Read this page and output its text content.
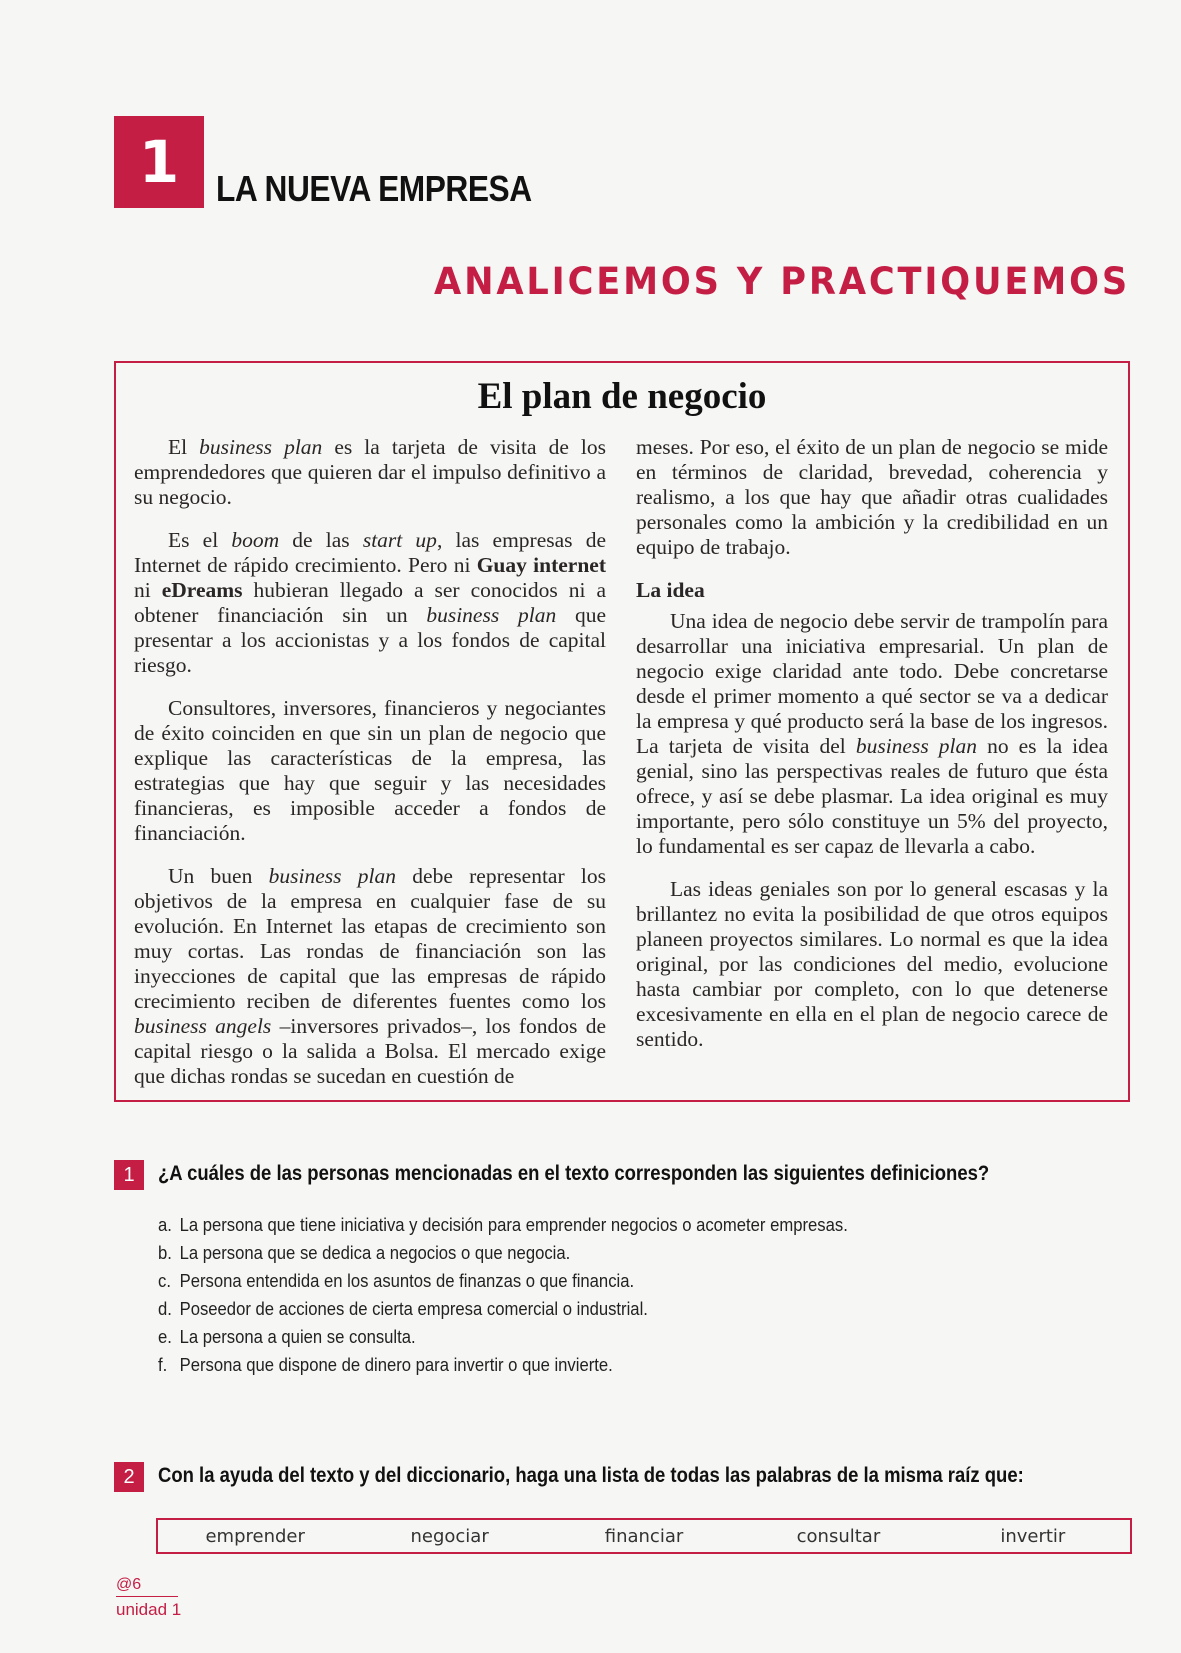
1	LA NUEVA EMPRESA
ANALICEMOS Y PRACTIQUEMOS
El plan de negocio

El business plan es la tarjeta de visita de los emprendedores que quieren dar el impulso definitivo a su negocio.

Es el boom de las start up, las empresas de Internet de rápido crecimiento. Pero ni Guay internet ni eDreams hubieran llegado a ser conocidos ni a obtener financiación sin un business plan que presentar a los accionistas y a los fondos de capital riesgo.

Consultores, inversores, financieros y negociantes de éxito coinciden en que sin un plan de negocio que explique las características de la empresa, las estrategias que hay que seguir y las necesidades financieras, es imposible acceder a fondos de financiación.

Un buen business plan debe representar los objetivos de la empresa en cualquier fase de su evolución. En Internet las etapas de crecimiento son muy cortas. Las rondas de financiación son las inyecciones de capital que las empresas de rápido crecimiento reciben de diferentes fuentes como los business angels –inversores privados–, los fondos de capital riesgo o la salida a Bolsa. El mercado exige que dichas rondas se sucedan en cuestión de

meses. Por eso, el éxito de un plan de negocio se mide en términos de claridad, brevedad, coherencia y realismo, a los que hay que añadir otras cualidades personales como la ambición y la credibilidad en un equipo de trabajo.

La idea

Una idea de negocio debe servir de trampolín para desarrollar una iniciativa empresarial. Un plan de negocio exige claridad ante todo. Debe concretarse desde el primer momento a qué sector se va a dedicar la empresa y qué producto será la base de los ingresos. La tarjeta de visita del business plan no es la idea genial, sino las perspectivas reales de futuro que ésta ofrece, y así se debe plasmar. La idea original es muy importante, pero sólo constituye un 5% del proyecto, lo fundamental es ser capaz de llevarla a cabo.

Las ideas geniales son por lo general escasas y la brillantez no evita la posibilidad de que otros equipos planeen proyectos similares. Lo normal es que la idea original, por las condiciones del medio, evolucione hasta cambiar por completo, con lo que detenerse excesivamente en ella en el plan de negocio carece de sentido.

1	¿A cuáles de las personas mencionadas en el texto corresponden las siguientes definiciones?
a. La persona que tiene iniciativa y decisión para emprender negocios o acometer empresas.
b. La persona que se dedica a negocios o que negocia.
c. Persona entendida en los asuntos de finanzas o que financia.
d. Poseedor de acciones de cierta empresa comercial o industrial.
e. La persona a quien se consulta.
f. Persona que dispone de dinero para invertir o que invierte.
2	Con la ayuda del texto y del diccionario, haga una lista de todas las palabras de la misma raíz que:
emprender	negociar	financiar	consultar	invertir
@6
unidad 1
